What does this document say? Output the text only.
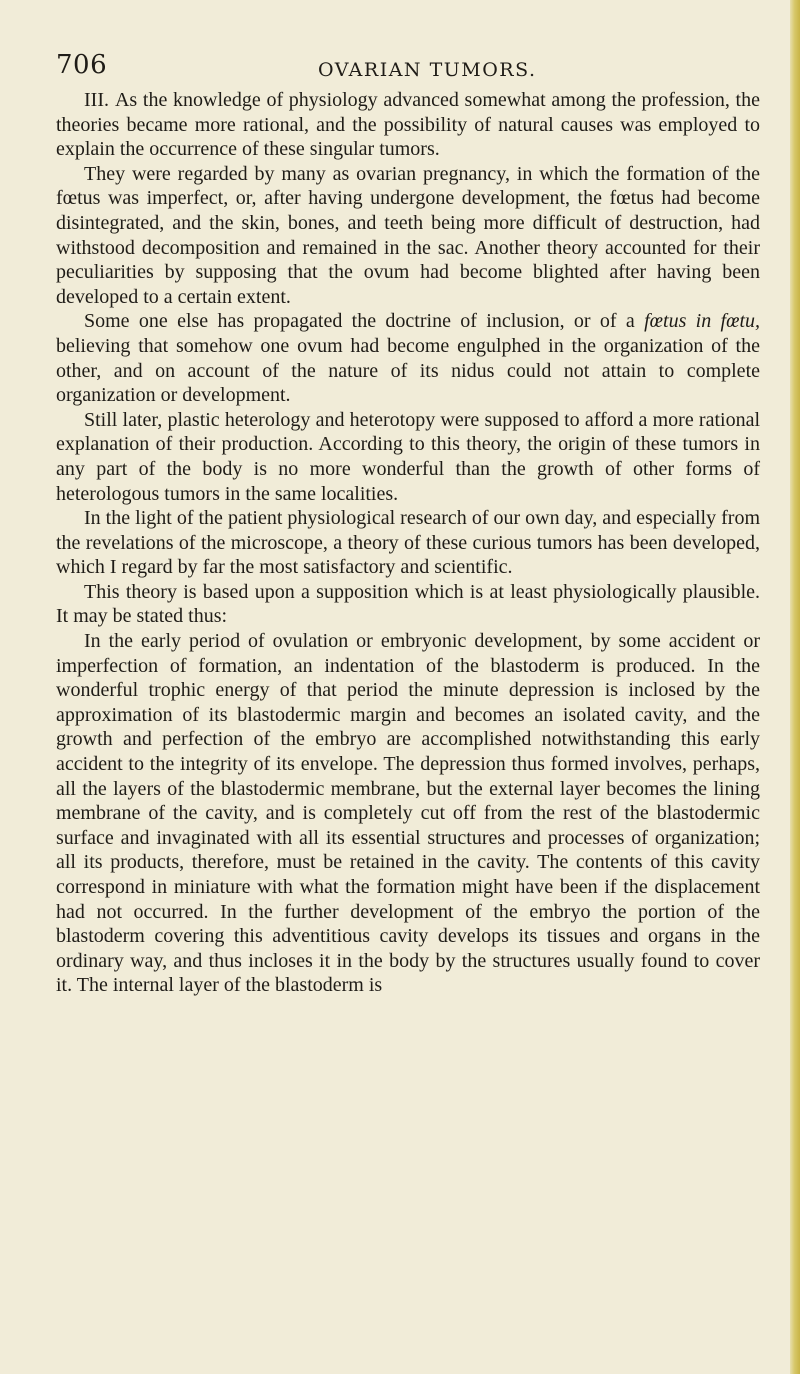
706	OVARIAN TUMORS.

III. As the knowledge of physiology advanced somewhat among the profession, the theories became more rational, and the possibility of natural causes was employed to explain the occurrence of these singular tumors.

They were regarded by many as ovarian pregnancy, in which the formation of the fœtus was imperfect, or, after having undergone development, the fœtus had become disintegrated, and the skin, bones, and teeth being more difficult of destruction, had withstood decomposition and remained in the sac. Another theory accounted for their peculiarities by supposing that the ovum had become blighted after having been developed to a certain extent.

Some one else has propagated the doctrine of inclusion, or of a fœtus in fœtu, believing that somehow one ovum had become engulphed in the organization of the other, and on account of the nature of its nidus could not attain to complete organization or development.

Still later, plastic heterology and heterotopy were supposed to afford a more rational explanation of their production. According to this theory, the origin of these tumors in any part of the body is no more wonderful than the growth of other forms of heterologous tumors in the same localities.

In the light of the patient physiological research of our own day, and especially from the revelations of the microscope, a theory of these curious tumors has been developed, which I regard by far the most satisfactory and scientific.

This theory is based upon a supposition which is at least physiologically plausible. It may be stated thus:

In the early period of ovulation or embryonic development, by some accident or imperfection of formation, an indentation of the blastoderm is produced. In the wonderful trophic energy of that period the minute depression is inclosed by the approximation of its blastodermic margin and becomes an isolated cavity, and the growth and perfection of the embryo are accomplished notwithstanding this early accident to the integrity of its envelope. The depression thus formed involves, perhaps, all the layers of the blastodermic membrane, but the external layer becomes the lining membrane of the cavity, and is completely cut off from the rest of the blastodermic surface and invaginated with all its essential structures and processes of organization; all its products, therefore, must be retained in the cavity. The contents of this cavity correspond in miniature with what the formation might have been if the displacement had not occurred. In the further development of the embryo the portion of the blastoderm covering this adventitious cavity develops its tissues and organs in the ordinary way, and thus incloses it in the body by the structures usually found to cover it. The internal layer of the blastoderm is
